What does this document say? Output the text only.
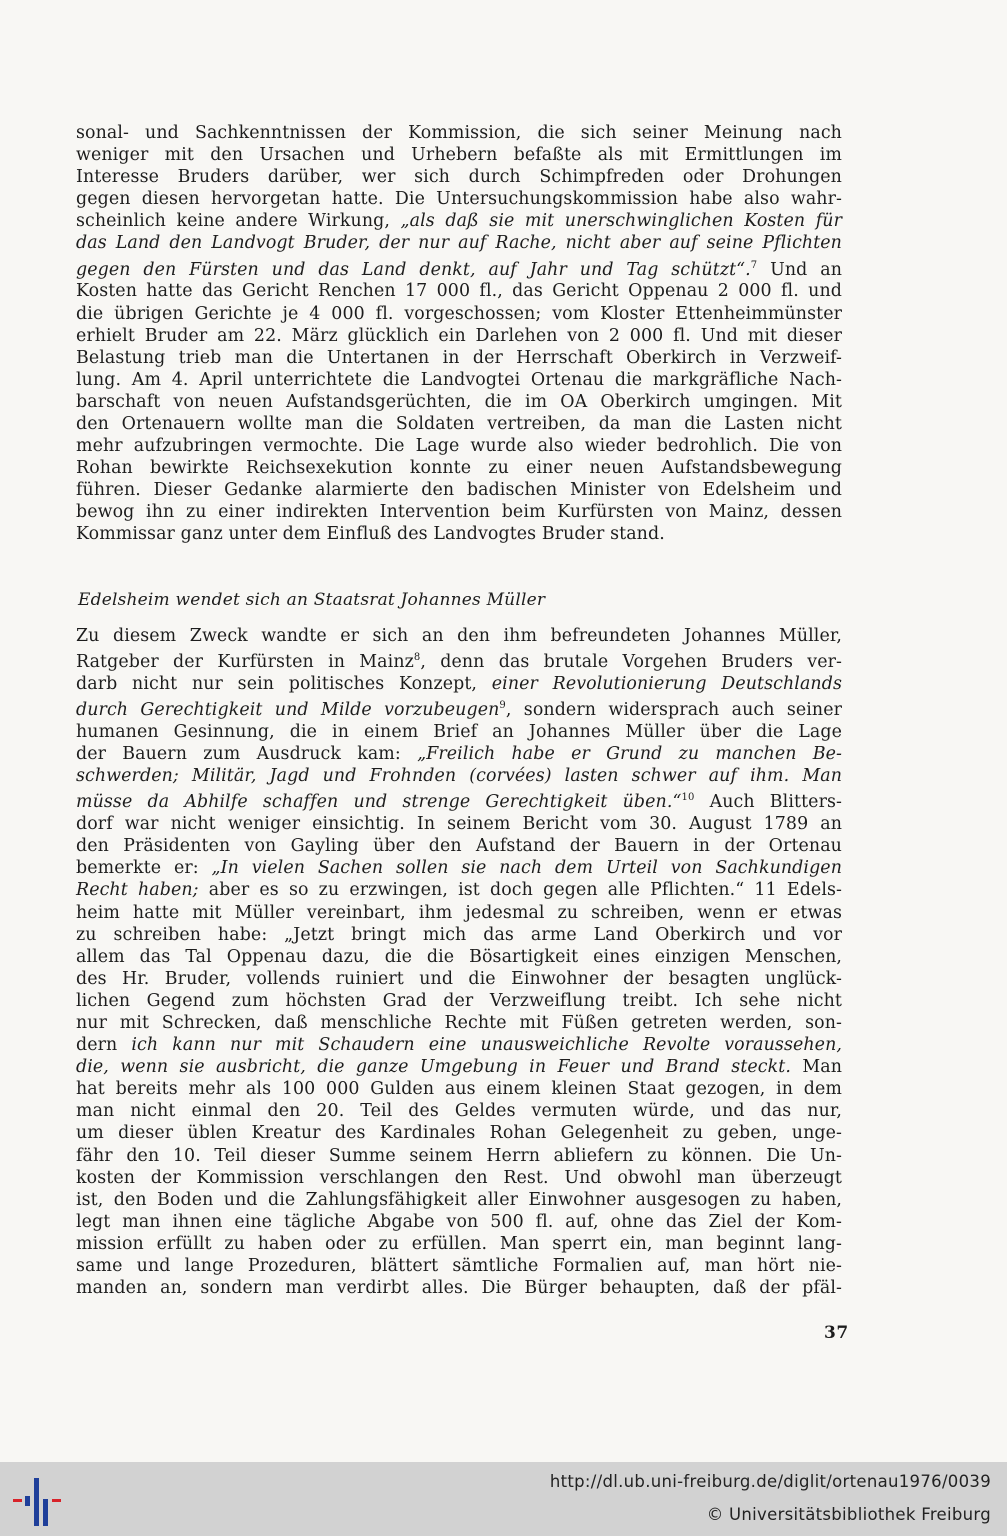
sonal- und Sachkenntnissen der Kommission, die sich seiner Meinung nach
weniger mit den Ursachen und Urhebern befaßte als mit Ermittlungen im
Interesse Bruders darüber, wer sich durch Schimpfreden oder Drohungen
gegen diesen hervorgetan hatte. Die Untersuchungskommission habe also wahr-
scheinlich keine andere Wirkung, „als daß sie mit unerschwinglichen Kosten für
das Land den Landvogt Bruder, der nur auf Rache, nicht aber auf seine Pflichten
gegen den Fürsten und das Land denkt, auf Jahr und Tag schützt“.$^7$ Und an
Kosten hatte das Gericht Renchen 17 000 fl., das Gericht Oppenau 2 000 fl. und
die übrigen Gerichte je 4 000 fl. vorgeschossen; vom Kloster Ettenheimmünster
erhielt Bruder am 22. März glücklich ein Darlehen von 2 000 fl. Und mit dieser
Belastung trieb man die Untertanen in der Herrschaft Oberkirch in Verzweif-
lung. Am 4. April unterrichtete die Landvogtei Ortenau die markgräfliche Nach-
barschaft von neuen Aufstandsgerüchten, die im OA Oberkirch umgingen. Mit
den Ortenauern wollte man die Soldaten vertreiben, da man die Lasten nicht
mehr aufzubringen vermochte. Die Lage wurde also wieder bedrohlich. Die von
Rohan bewirkte Reichsexekution konnte zu einer neuen Aufstandsbewegung
führen. Dieser Gedanke alarmierte den badischen Minister von Edelsheim und
bewog ihn zu einer indirekten Intervention beim Kurfürsten von Mainz, dessen
Kommissar ganz unter dem Einfluß des Landvogtes Bruder stand.
Edelsheim wendet sich an Staatsrat Johannes Müller
Zu diesem Zweck wandte er sich an den ihm befreundeten Johannes Müller,
Ratgeber der Kurfürsten in Mainz$^8$, denn das brutale Vorgehen Bruders ver-
darb nicht nur sein politisches Konzept, einer Revolutionierung Deutschlands
durch Gerechtigkeit und Milde vorzubeugen$^9$, sondern widersprach auch seiner
humanen Gesinnung, die in einem Brief an Johannes Müller über die Lage
der Bauern zum Ausdruck kam: „Freilich habe er Grund zu manchen Be-
schwerden; Militär, Jagd und Frohnden (corvées) lasten schwer auf ihm. Man
müsse da Abhilfe schaffen und strenge Gerechtigkeit üben.“$^{10}$ Auch Blitters-
dorf war nicht weniger einsichtig. In seinem Bericht vom 30. August 1789 an
den Präsidenten von Gayling über den Aufstand der Bauern in der Ortenau
bemerkte er: „In vielen Sachen sollen sie nach dem Urteil von Sachkundigen
Recht haben; aber es so zu erzwingen, ist doch gegen alle Pflichten.“ 11 Edels-
heim hatte mit Müller vereinbart, ihm jedesmal zu schreiben, wenn er etwas
zu schreiben habe: „Jetzt bringt mich das arme Land Oberkirch und vor
allem das Tal Oppenau dazu, die die Bösartigkeit eines einzigen Menschen,
des Hr. Bruder, vollends ruiniert und die Einwohner der besagten unglück-
lichen Gegend zum höchsten Grad der Verzweiflung treibt. Ich sehe nicht
nur mit Schrecken, daß menschliche Rechte mit Füßen getreten werden, son-
dern ich kann nur mit Schaudern eine unausweichliche Revolte voraussehen,
die, wenn sie ausbricht, die ganze Umgebung in Feuer und Brand steckt. Man
hat bereits mehr als 100 000 Gulden aus einem kleinen Staat gezogen, in dem
man nicht einmal den 20. Teil des Geldes vermuten würde, und das nur,
um dieser üblen Kreatur des Kardinales Rohan Gelegenheit zu geben, unge-
fähr den 10. Teil dieser Summe seinem Herrn abliefern zu können. Die Un-
kosten der Kommission verschlangen den Rest. Und obwohl man überzeugt
ist, den Boden und die Zahlungsfähigkeit aller Einwohner ausgesogen zu haben,
legt man ihnen eine tägliche Abgabe von 500 fl. auf, ohne das Ziel der Kom-
mission erfüllt zu haben oder zu erfüllen. Man sperrt ein, man beginnt lang-
same und lange Prozeduren, blättert sämtliche Formalien auf, man hört nie-
manden an, sondern man verdirbt alles. Die Bürger behaupten, daß der pfäl-
37
http://dl.ub.uni-freiburg.de/diglit/ortenau1976/0039
© Universitätsbibliothek Freiburg
